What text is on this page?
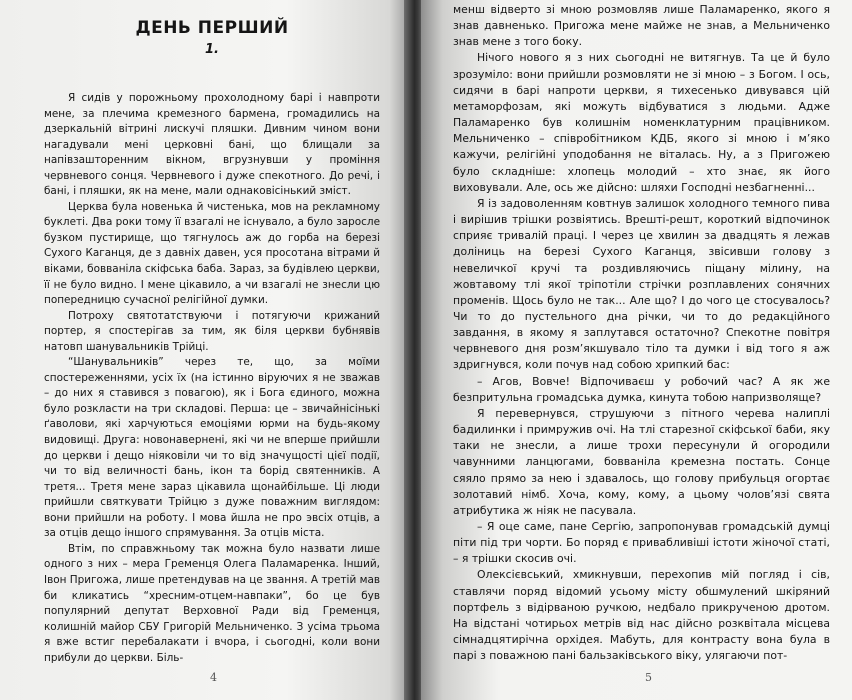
ДЕНЬ ПЕРШИЙ
1.

Я сидів у порожньому прохолодному барі і навпроти мене, за плечима кремезного бармена, громадились на дзеркальній вітрині лискучі пляшки. Дивним чином вони нагадували мені церковні бані, що блищали за напівзашторенним вікном, вгрузнувши у проміння червневого сонця. Червневого і дуже спекотного. До речі, і бані, і пляшки, як на мене, мали однаковісінький зміст.

Церква була новенька й чистенька, мов на рекламному буклеті. Два роки тому її взагалі не існувало, а було заросле бузком пустирище, що тягнулось аж до горба на березі Сухого Каганця, де з давніх давен, уся просотана вітрами й віками, бовваніла скіфська баба. Зараз, за будівлею церкви, її не було видно. І мене цікавило, а чи взагалі не знесли цю попередницю сучасної релігійної думки.

Потроху святотатствуючи і потягуючи крижаний портер, я спостерігав за тим, як біля церкви бубнявів натовп шанувальників Трійці.

“Шанувальників” через те, що, за моїми спостереженнями, усіх їх (на істинно віруючих я не зважав – до них я ставився з повагою), як і Бога єдиного, можна було розкласти на три складові. Перша: це – звичайнісінькі ґаволови, які харчуються емоціями юрми на будь-якому видовищі. Друга: новонавернені, які чи не вперше прийшли до церкви і дещо ніяковіли чи то від значущості цієї події, чи то від величності бань, ікон та борід святенників. А третя... Третя мене зараз цікавила щонайбільше. Ці люди прийшли святкувати Трійцю з дуже поважним виглядом: вони прийшли на роботу. І мова йшла не про эвсіх отців, а за отців дещо іншого спрямування. За отців міста.

Втім, по справжньому так можна було назвати лише одного з них – мера Гременця Олега Паламаренка. Інший, Івон Пригожа, лише претендував на це звання. А третій мав би кликатись “хресним-отцем-навпаки”, бо це був популярний депутат Верховної Ради від Гременця, колишній майор СБУ Григорій Мельниченко. З усіма трьома я вже встиг перебалакати і вчора, і сьогодні, коли вони прибули до церкви. Біль-

4

менш відверто зі мною розмовляв лише Паламаренко, якого я знав давненько. Пригожа мене майже не знав, а Мельниченко знав мене з того боку.

Нічого нового я з них сьогодні не витягнув. Та це й було зрозуміло: вони прийшли розмовляти не зі мною – з Богом. І ось, сидячи в барі напроти церкви, я тихесенько дивувався цій метаморфозам, які можуть відбуватися з людьми. Адже Паламаренко був колишнім номенклатурним працівником. Мельниченко – співробітником КДБ, якого зі мною і м’яко кажучи, релігійні уподобання не віталась. Ну, а з Пригожею було складніше: хлопець молодий – хто знає, як його виховували. Але, ось же дійсно: шляхи Господні незбагненні...

Я із задоволенням ковтнув залишок холодного темного пива і вирішив трішки розвіятись. Врешті-решт, короткий відпочинок сприяє тривалій праці. І через це хвилин за двадцять я лежав доліниць на березі Сухого Каганця, звісивши голову з невеличкої кручі та роздивляючись піщану мілину, на жовтавому тлі якої тріпотіли стрічки розплавлених сонячних променів. Щось було не так... Але що? І до чого це стосувалось? Чи то до пустельного дна річки, чи то до редакційного завдання, в якому я заплутався остаточно? Спекотне повітря червневого дня розм’якшувало тіло та думки і від того я аж здригнувся, коли почув над собою хрипкий бас:

– Агов, Вовче! Відпочиваєш у робочий час? А як же безпритульна громадська думка, кинута тобою напризволяще?

Я перевернувся, струшуючи з пітного черева налиплі бадилинки і примружив очі. На тлі старезної скіфської баби, яку таки не знесли, а лише трохи пересунули й огородили чавунними ланцюгами, бовваніла кремезна постать. Сонце сяяло прямо за нею і здавалось, що голову прибульця огортає золотавий німб. Хоча, кому, кому, а цьому чоловʼязі свята атрибутика ж ніяк не пасувала.

– Я оце саме, пане Сергію, запропонував громадській думці піти під три чорти. Бо поряд є привабливіші істоти жіночої статі, – я трішки скосив очі.

Олексієвський, хмикнувши, перехопив мій погляд і сів, ставлячи поряд відомий усьому місту обшмулений шкіряний портфель з відірваною ручкою, недбало прикрученою дротом. На відстані чотирьох метрів від нас дійсно розквітала місцева сімнадцятирічна орхідея. Мабуть, для контрасту вона була в парі з поважною пані бальзаківського віку, улягаючи пот-

5
